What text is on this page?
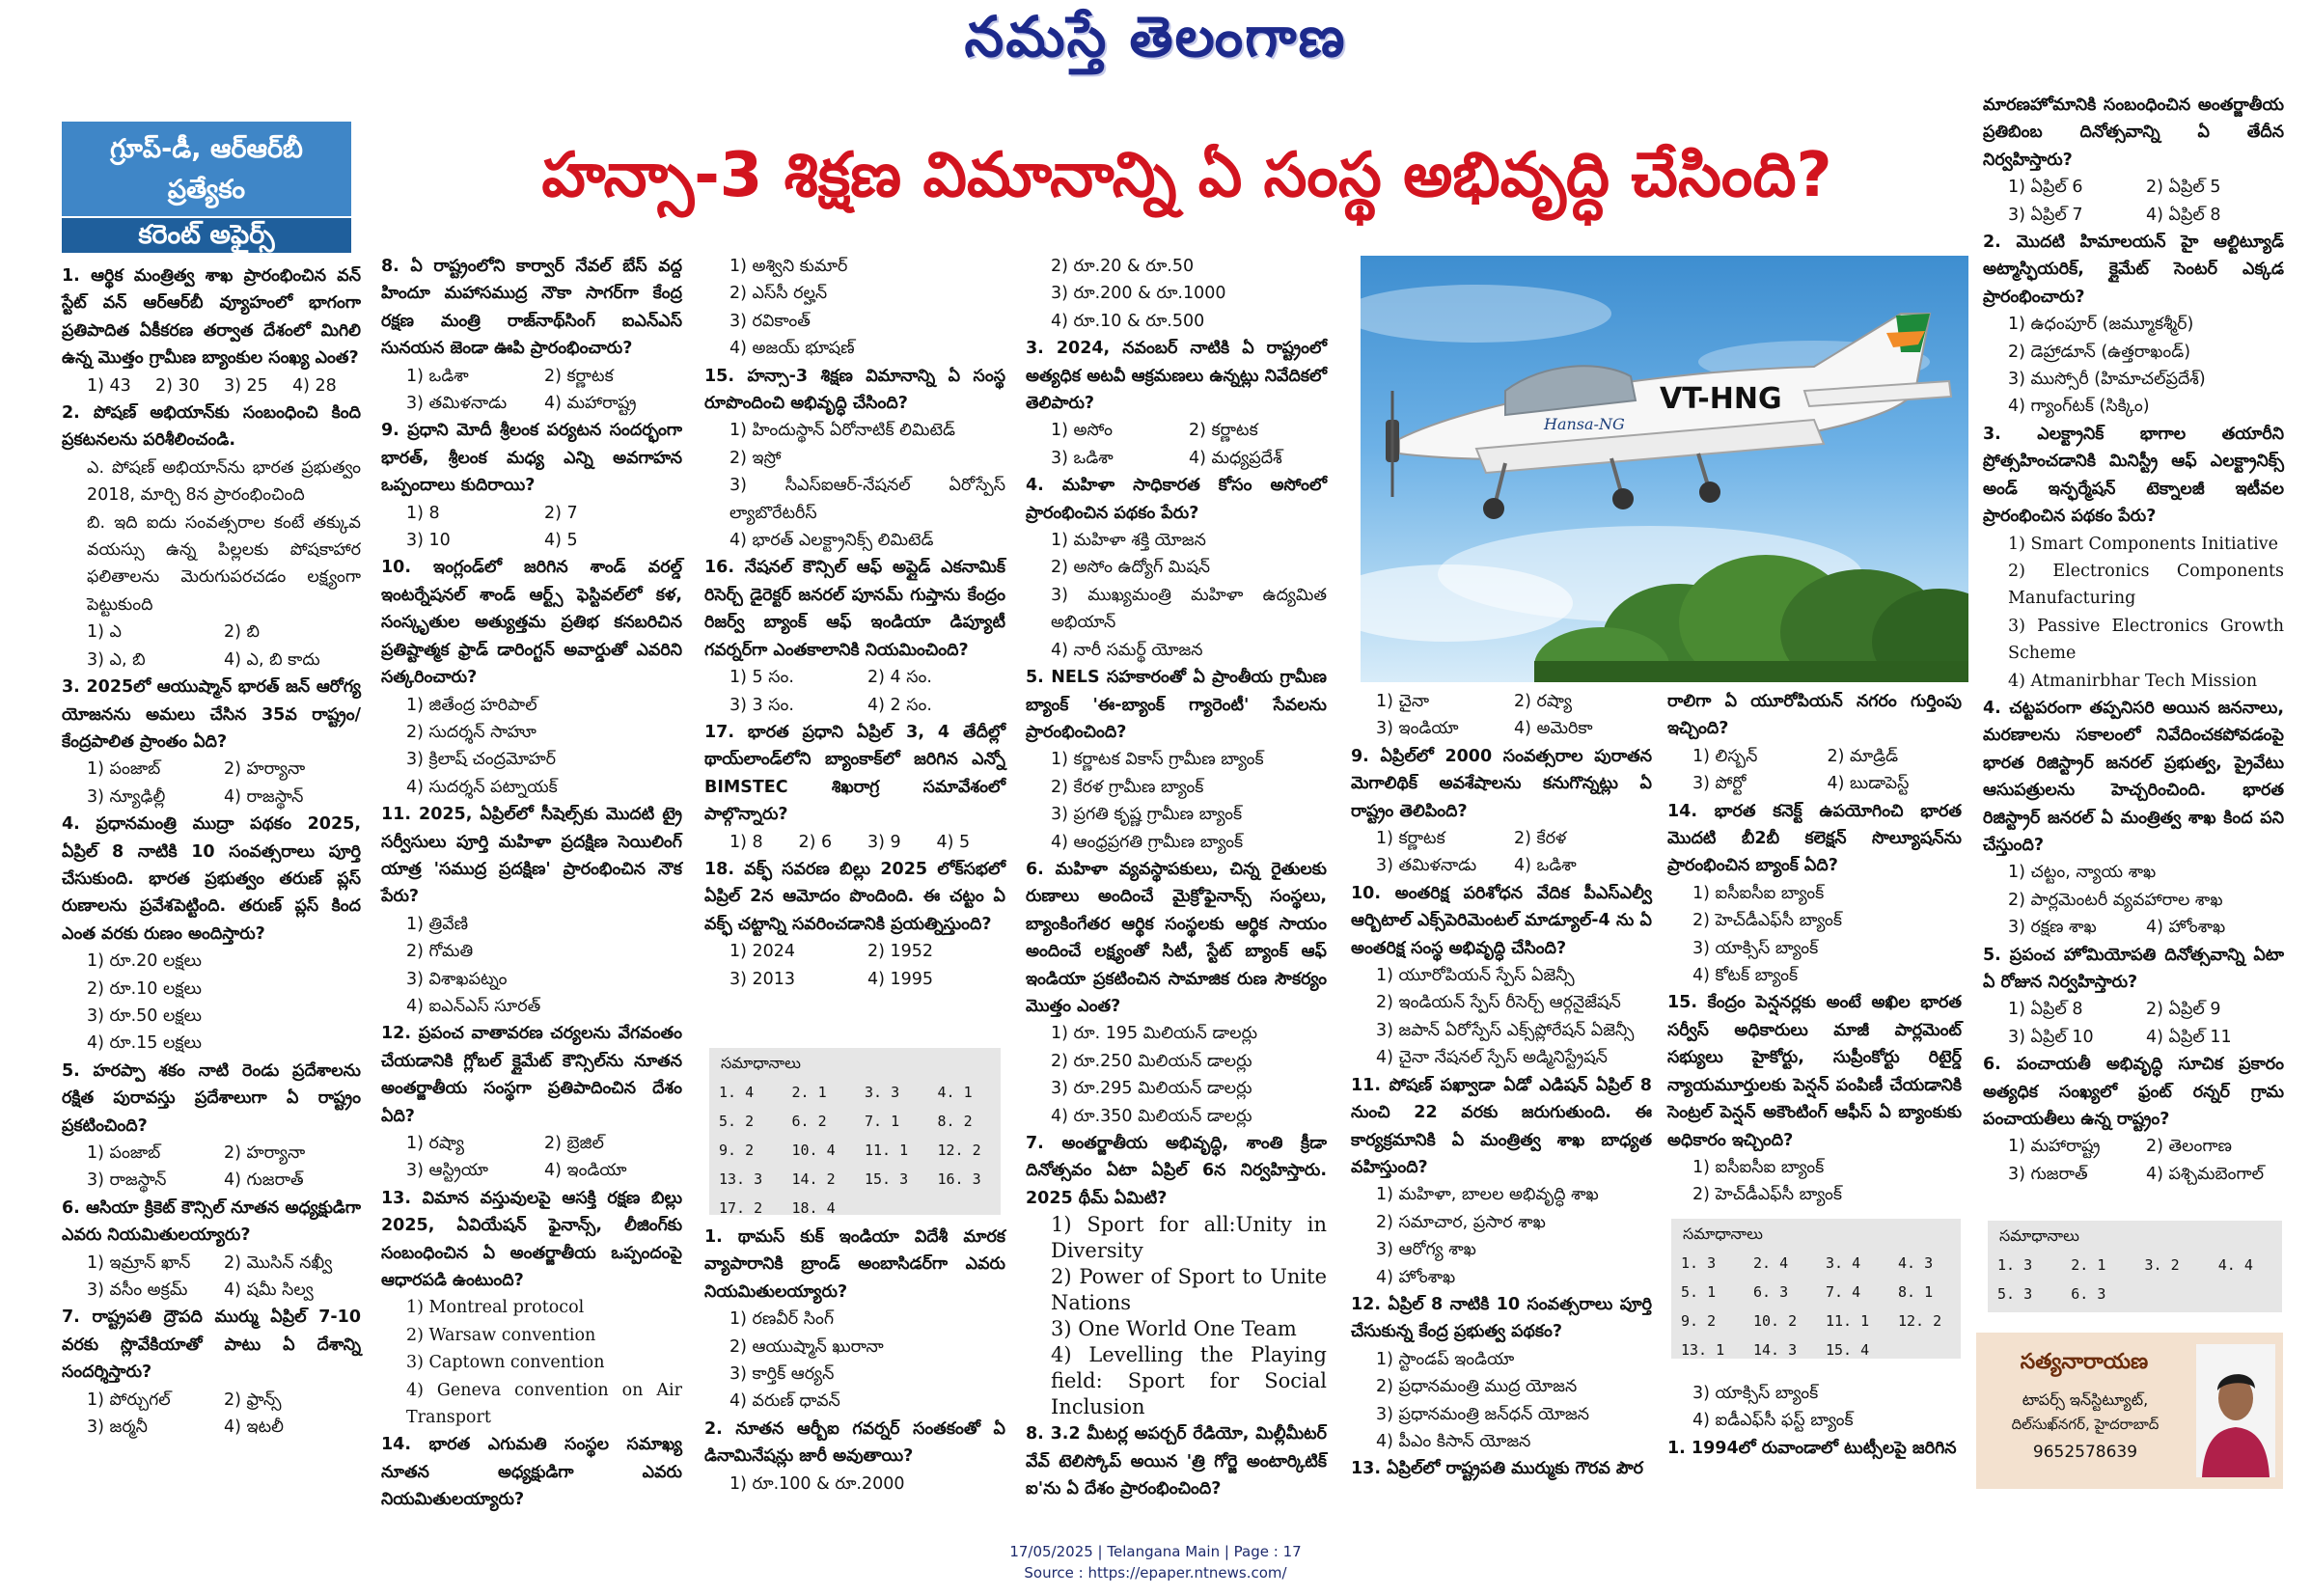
నమస్తే తెలంగాణ
గ్రూప్-డీ, ఆర్ఆర్‌బీ
ప్రత్యేకం
కరెంట్ అఫైర్స్
హన్సా-3 శిక్షణ విమానాన్ని ఏ సంస్థ అభివృద్ధి చేసింది?

1. ఆర్థిక మంత్రిత్వ శాఖ ప్రారంభించిన వన్ స్టేట్ వన్ ఆర్ఆర్‌బీ వ్యూహంలో భాగంగా ప్రతిపాదిత ఏకీకరణ తర్వాత దేశంలో మిగిలి ఉన్న మొత్తం గ్రామీణ బ్యాంకుల సంఖ్య ఎంత?

1) 43	2) 30	3) 25	4) 28

2. పోషణ్ అభియాన్‌కు సంబంధించి కింది ప్రకటనలను పరిశీలించండి.

ఎ. పోషణ్ అభియాన్‌ను భారత ప్రభుత్వం 2018, మార్చి 8న ప్రారంభించింది

బి. ఇది ఐదు సంవత్సరాల కంటే తక్కువ వయస్సు ఉన్న పిల్లలకు పోషకాహార ఫలితాలను మెరుగుపరచడం లక్ష్యంగా పెట్టుకుంది

1) ఎ	2) బి
3) ఎ, బి	4) ఎ, బి కాదు

3. 2025లో ఆయుష్మాన్ భారత్ జన్ ఆరోగ్య యోజనను అమలు చేసిన 35వ రాష్ట్రం/ కేంద్రపాలిత ప్రాంతం ఏది?

1) పంజాబ్	2) హర్యానా
3) న్యూఢిల్లీ	4) రాజస్థాన్

4. ప్రధానమంత్రి ముద్రా పథకం 2025, ఏప్రిల్ 8 నాటికి 10 సంవత్సరాలు పూర్తి చేసుకుంది. భారత ప్రభుత్వం తరుణ్ ప్లస్ రుణాలను ప్రవేశపెట్టింది. తరుణ్ ప్లస్ కింద ఎంత వరకు రుణం అందిస్తారు?

1) రూ.20 లక్షలు

2) రూ.10 లక్షలు

3) రూ.50 లక్షలు

4) రూ.15 లక్షలు

5. హరప్పా శకం నాటి రెండు ప్రదేశాలను రక్షిత పురావస్తు ప్రదేశాలుగా ఏ రాష్ట్రం ప్రకటించింది?

1) పంజాబ్	2) హర్యానా
3) రాజస్థాన్	4) గుజరాత్

6. ఆసియా క్రికెట్ కౌన్సిల్ నూతన అధ్యక్షుడిగా ఎవరు నియమితులయ్యారు?

1) ఇమ్రాన్ ఖాన్	2) మొసిన్ నఖ్వీ
3) వసీం అక్రమ్	4) షమీ సిల్వ

7. రాష్ట్రపతి ద్రౌపది ముర్ము ఏప్రిల్ 7-10 వరకు స్లొవేకియాతో పాటు ఏ దేశాన్ని సందర్శిస్తారు?

1) పోర్చుగల్	2) ఫ్రాన్స్
3) జర్మనీ	4) ఇటలీ

8. ఏ రాష్ట్రంలోని కార్వార్ నేవల్ బేస్ వద్ద హిందూ మహాసముద్ర నౌకా సాగర్‌గా కేంద్ర రక్షణ మంత్రి రాజ్‌నాథ్‌సింగ్ ఐఎన్ఎస్ సునయన జెండా ఊపి ప్రారంభించారు?

1) ఒడిశా	2) కర్ణాటక
3) తమిళనాడు	4) మహారాష్ట్ర

9. ప్రధాని మోదీ శ్రీలంక పర్యటన సందర్భంగా భారత్, శ్రీలంక మధ్య ఎన్ని అవగాహన ఒప్పందాలు కుదిరాయి?

1) 8	2) 7
3) 10	4) 5

10. ఇంగ్లండ్‌లో జరిగిన శాండ్ వరల్డ్ ఇంటర్నేషనల్ శాండ్ ఆర్ట్స్ ఫెస్టివల్‌లో కళ, సంస్కృతుల అత్యుత్తమ ప్రతిభ కనబరిచిన ప్రతిష్టాత్మక ఫ్రాడ్ డారింగ్టన్ అవార్డుతో ఎవరిని సత్కరించారు?

1) జితేంద్ర హరిపాల్

2) సుదర్శన్ సాహూ

3) క్రిలాష్ చంద్రమోహర్

4) సుదర్శన్ పట్నాయక్

11. 2025, ఏప్రిల్‌లో సీషెల్స్‌కు మొదటి ట్రై సర్వీసులు పూర్తి మహిళా ప్రదక్షిణ సెయిలింగ్ యాత్ర 'సముద్ర ప్రదక్షిణ' ప్రారంభించిన నౌక పేరు?

1) త్రివేణి

2) గోమతి

3) విశాఖపట్నం

4) ఐఎన్ఎస్ సూరత్

12. ప్రపంచ వాతావరణ చర్యలను వేగవంతం చేయడానికి గ్లోబల్ క్లైమేట్ కౌన్సిల్‌ను నూతన అంతర్జాతీయ సంస్థగా ప్రతిపాదించిన దేశం ఏది?

1) రష్యా	2) బ్రెజిల్
3) ఆస్ట్రియా	4) ఇండియా

13. విమాన వస్తువులపై ఆసక్తి రక్షణ బిల్లు 2025, ఏవియేషన్ ఫైనాన్స్, లీజింగ్‌కు సంబంధించిన ఏ అంతర్జాతీయ ఒప్పందంపై ఆధారపడి ఉంటుంది?

1) Montreal protocol

2) Warsaw convention

3) Captown convention

4) Geneva convention on Air Transport

14. భారత ఎగుమతి సంస్థల సమాఖ్య నూతన అధ్యక్షుడిగా ఎవరు నియమితులయ్యారు?

1) అశ్విని కుమార్

2) ఎస్‌సీ రల్హన్

3) రవికాంత్

4) అజయ్ భూషణ్

15. హన్సా-3 శిక్షణ విమానాన్ని ఏ సంస్థ రూపొందించి అభివృద్ధి చేసింది?

1) హిందుస్థాన్ ఏరోనాటిక్ లిమిటెడ్

2) ఇస్రో

3) సీఎస్ఐఆర్-నేషనల్ ఏరోస్పేస్ ల్యాబొరేటరీస్

4) భారత్ ఎలక్ట్రానిక్స్ లిమిటెడ్

16. నేషనల్ కౌన్సిల్ ఆఫ్ అప్లైడ్ ఎకనామిక్ రిసెర్చ్ డైరెక్టర్ జనరల్ పూనమ్ గుప్తాను కేంద్రం రిజర్వ్ బ్యాంక్ ఆఫ్ ఇండియా డిప్యూటీ గవర్నర్‌గా ఎంతకాలానికి నియమించింది?

1) 5 సం.	2) 4 సం.
3) 3 సం.	4) 2 సం.

17. భారత ప్రధాని ఏప్రిల్ 3, 4 తేదీల్లో థాయ్‌లాండ్‌లోని బ్యాంకాక్‌లో జరిగిన ఎన్నో BIMSTEC శిఖరాగ్ర సమావేశంలో పాల్గొన్నారు?

1) 8	2) 6	3) 9	4) 5

18. వక్ఫ్ సవరణ బిల్లు 2025 లోక్‌సభలో ఏప్రిల్ 2న ఆమోదం పొందింది. ఈ చట్టం ఏ వక్ఫ్ చట్టాన్ని సవరించడానికి ప్రయత్నిస్తుంది?

1) 2024	2) 1952
3) 2013	4) 1995
సమాధానాలు
1. 4	2. 1	3. 3	4. 1
5. 2	6. 2	7. 1	8. 2
9. 2	10. 4	11. 1	12. 2
13. 3	14. 2	15. 3	16. 3
17. 2	18. 4		

1. థామస్ కుక్ ఇండియా విదేశీ మారక వ్యాపారానికి బ్రాండ్ అంబాసిడర్‌గా ఎవరు నియమితులయ్యారు?

1) రణవీర్ సింగ్

2) ఆయుష్మాన్ ఖురానా

3) కార్తిక్ ఆర్యన్

4) వరుణ్ ధావన్

2. నూతన ఆర్బీఐ గవర్నర్ సంతకంతో ఏ డినామినేషన్లు జారీ అవుతాయి?

1) రూ.100 & రూ.2000

2) రూ.20 & రూ.50

3) రూ.200 & రూ.1000

4) రూ.10 & రూ.500

3. 2024, నవంబర్ నాటికి ఏ రాష్ట్రంలో అత్యధిక అటవీ ఆక్రమణలు ఉన్నట్లు నివేదికలో తెలిపారు?

1) అసోం	2) కర్ణాటక
3) ఒడిశా	4) మధ్యప్రదేశ్

4. మహిళా సాధికారత కోసం అసోంలో ప్రారంభించిన పథకం పేరు?

1) మహిళా శక్తి యోజన

2) అసోం ఉద్యోగ్ మిషన్

3) ముఖ్యమంత్రి మహిళా ఉద్యమిత అభియాన్

4) నారీ సమర్థ్ యోజన

5. NELS సహకారంతో ఏ ప్రాంతీయ గ్రామీణ బ్యాంక్ 'ఈ-బ్యాంక్ గ్యారెంటీ' సేవలను ప్రారంభించింది?

1) కర్ణాటక వికాస్ గ్రామీణ బ్యాంక్

2) కేరళ గ్రామీణ బ్యాంక్

3) ప్రగతి కృష్ణ గ్రామీణ బ్యాంక్

4) ఆంధ్రప్రగతి గ్రామీణ బ్యాంక్

6. మహిళా వ్యవస్థాపకులు, చిన్న రైతులకు రుణాలు అందించే మైక్రోఫైనాన్స్ సంస్థలు, బ్యాంకింగేతర ఆర్థిక సంస్థలకు ఆర్థిక సాయం అందించే లక్ష్యంతో సిటీ, స్టేట్ బ్యాంక్ ఆఫ్ ఇండియా ప్రకటించిన సామాజిక రుణ సౌకర్యం మొత్తం ఎంత?

1) రూ. 195 మిలియన్ డాలర్లు

2) రూ.250 మిలియన్ డాలర్లు

3) రూ.295 మిలియన్ డాలర్లు

4) రూ.350 మిలియన్ డాలర్లు

7. అంతర్జాతీయ అభివృద్ధి, శాంతి క్రీడా దినోత్సవం ఏటా ఏప్రిల్ 6న నిర్వహిస్తారు. 2025 థీమ్ ఏమిటి?

1) Sport for all:Unity in Diversity

2) Power of Sport to Unite Nations

3) One World One Team

4) Levelling the Playing field: Sport for Social Inclusion

8. 3.2 మీటర్ల అపర్చర్ రేడియో, మిల్లీమీటర్ వేవ్ టెలిస్కోప్ అయిన 'త్రి గోర్జె అంటార్కిటిక్ ఐ'ను ఏ దేశం ప్రారంభించింది?

VT-HNG
Hansa-NG
1) చైనా	2) రష్యా
3) ఇండియా	4) అమెరికా

9. ఏప్రిల్‌లో 2000 సంవత్సరాల పురాతన మెగాలిథిక్ అవశేషాలను కనుగొన్నట్లు ఏ రాష్ట్రం తెలిపింది?

1) కర్ణాటక	2) కేరళ
3) తమిళనాడు	4) ఒడిశా

10. అంతరిక్ష పరిశోధన వేదిక పీఎస్ఎల్వీ ఆర్బిటాల్ ఎక్స్‌పెరిమెంటల్ మాడ్యూల్-4 ను ఏ అంతరిక్ష సంస్థ అభివృద్ధి చేసింది?

1) యూరోపియన్ స్పేస్ ఏజెన్సీ

2) ఇండియన్ స్పేస్ రీసెర్చ్ ఆర్గనైజేషన్

3) జపాన్ ఏరోస్పేస్ ఎక్స్‌ప్లోరేషన్ ఏజెన్సీ

4) చైనా నేషనల్ స్పేస్ అడ్మినిస్ట్రేషన్

11. పోషణ్ పఖ్వాడా ఏడో ఎడిషన్ ఏప్రిల్ 8 నుంచి 22 వరకు జరుగుతుంది. ఈ కార్యక్రమానికి ఏ మంత్రిత్వ శాఖ బాధ్యత వహిస్తుంది?

1) మహిళా, బాలల అభివృద్ధి శాఖ

2) సమాచార, ప్రసార శాఖ

3) ఆరోగ్య శాఖ

4) హోంశాఖ

12. ఏప్రిల్ 8 నాటికి 10 సంవత్సరాలు పూర్తి చేసుకున్న కేంద్ర ప్రభుత్వ పథకం?

1) స్టాండప్ ఇండియా

2) ప్రధానమంత్రి ముద్ర యోజన

3) ప్రధానమంత్రి జన్‌ధన్ యోజన

4) పీఎం కిసాన్ యోజన

13. ఏప్రిల్‌లో రాష్ట్రపతి ముర్ముకు గౌరవ పౌర

రాలిగా ఏ యూరోపియన్ నగరం గుర్తింపు ఇచ్చింది?

1) లిస్బన్	2) మాడ్రిడ్
3) పోర్టో	4) బుడాపెస్ట్

14. భారత కనెక్ట్ ఉపయోగించి భారత మొదటి బీ2బీ కలెక్షన్ సొల్యూషన్‌ను ప్రారంభించిన బ్యాంక్ ఏది?

1) ఐసీఐసీఐ బ్యాంక్

2) హెచ్‌డీఎఫ్‌సీ బ్యాంక్

3) యాక్సిస్ బ్యాంక్

4) కోటక్ బ్యాంక్

15. కేంద్రం పెన్షనర్లకు అంటే అఖిల భారత సర్వీస్ అధికారులు మాజీ పార్లమెంట్ సభ్యులు హైకోర్టు, సుప్రీంకోర్టు రిటైర్డ్ న్యాయమూర్తులకు పెన్షన్ పంపిణీ చేయడానికి సెంట్రల్ పెన్షన్ అకౌంటింగ్ ఆఫీస్ ఏ బ్యాంకుకు అధికారం ఇచ్చింది?

1) ఐసీఐసీఐ బ్యాంక్

2) హెచ్‌డీఎఫ్‌సీ బ్యాంక్

సమాధానాలు
1. 3	2. 4	3. 4	4. 3
5. 1	6. 3	7. 4	8. 1
9. 2	10. 2	11. 1	12. 2
13. 1	14. 3	15. 4	

3) యాక్సిస్ బ్యాంక్

4) ఐడీఎఫ్‌సీ ఫస్ట్ బ్యాంక్

1. 1994లో రువాండాలో టుట్సీలపై జరిగిన

మారణహోమానికి సంబంధించిన అంతర్జాతీయ ప్రతిబింబ దినోత్సవాన్ని ఏ తేదీన నిర్వహిస్తారు?

1) ఏప్రిల్ 6	2) ఏప్రిల్ 5
3) ఏప్రిల్ 7	4) ఏప్రిల్ 8

2. మొదటి హిమాలయన్ హై ఆల్టిట్యూడ్ అట్మాస్ఫియరిక్, క్లైమేట్ సెంటర్ ఎక్కడ ప్రారంభించారు?

1) ఉధంపూర్ (జమ్మూకశ్మీర్)

2) డెహ్రాడూన్ (ఉత్తరాఖండ్)

3) ముస్సోరీ (హిమాచల్‌ప్రదేశ్)

4) గ్యాంగ్‌టక్ (సిక్కిం)

3. ఎలక్ట్రానిక్ భాగాల తయారీని ప్రోత్సహించడానికి మినిస్ట్రీ ఆఫ్ ఎలక్ట్రానిక్స్ అండ్ ఇన్ఫర్మేషన్ టెక్నాలజీ ఇటీవల ప్రారంభించిన పథకం పేరు?

1) Smart Components Initiative

2) Electronics Components Manufacturing

3) Passive Electronics Growth Scheme

4) Atmanirbhar Tech Mission

4. చట్టపరంగా తప్పనిసరి అయిన జననాలు, మరణాలను సకాలంలో నివేదించకపోవడంపై భారత రిజిస్ట్రార్ జనరల్ ప్రభుత్వ, ప్రైవేటు ఆసుపత్రులను హెచ్చరించింది. భారత రిజిస్ట్రార్ జనరల్ ఏ మంత్రిత్వ శాఖ కింద పని చేస్తుంది?

1) చట్టం, న్యాయ శాఖ

2) పార్లమెంటరీ వ్యవహారాల శాఖ

3) రక్షణ శాఖ	4) హోంశాఖ

5. ప్రపంచ హోమియోపతి దినోత్సవాన్ని ఏటా ఏ రోజున నిర్వహిస్తారు?

1) ఏప్రిల్ 8	2) ఏప్రిల్ 9
3) ఏప్రిల్ 10	4) ఏప్రిల్ 11

6. పంచాయతీ అభివృద్ధి సూచిక ప్రకారం అత్యధిక సంఖ్యలో ఫ్రంట్ రన్నర్ గ్రామ పంచాయతీలు ఉన్న రాష్ట్రం?

1) మహారాష్ట్ర	2) తెలంగాణ
3) గుజరాత్	4) పశ్చిమబెంగాల్
సమాధానాలు
1. 3	2. 1	3. 2	4. 4
5. 3	6. 3		
సత్యనారాయణ
టాపర్స్ ఇన్‌స్టిట్యూట్,
దిల్‌సుఖ్‌నగర్, హైదరాబాద్
9652578639
17/05/2025 | Telangana Main | Page : 17
Source : https://epaper.ntnews.com/
